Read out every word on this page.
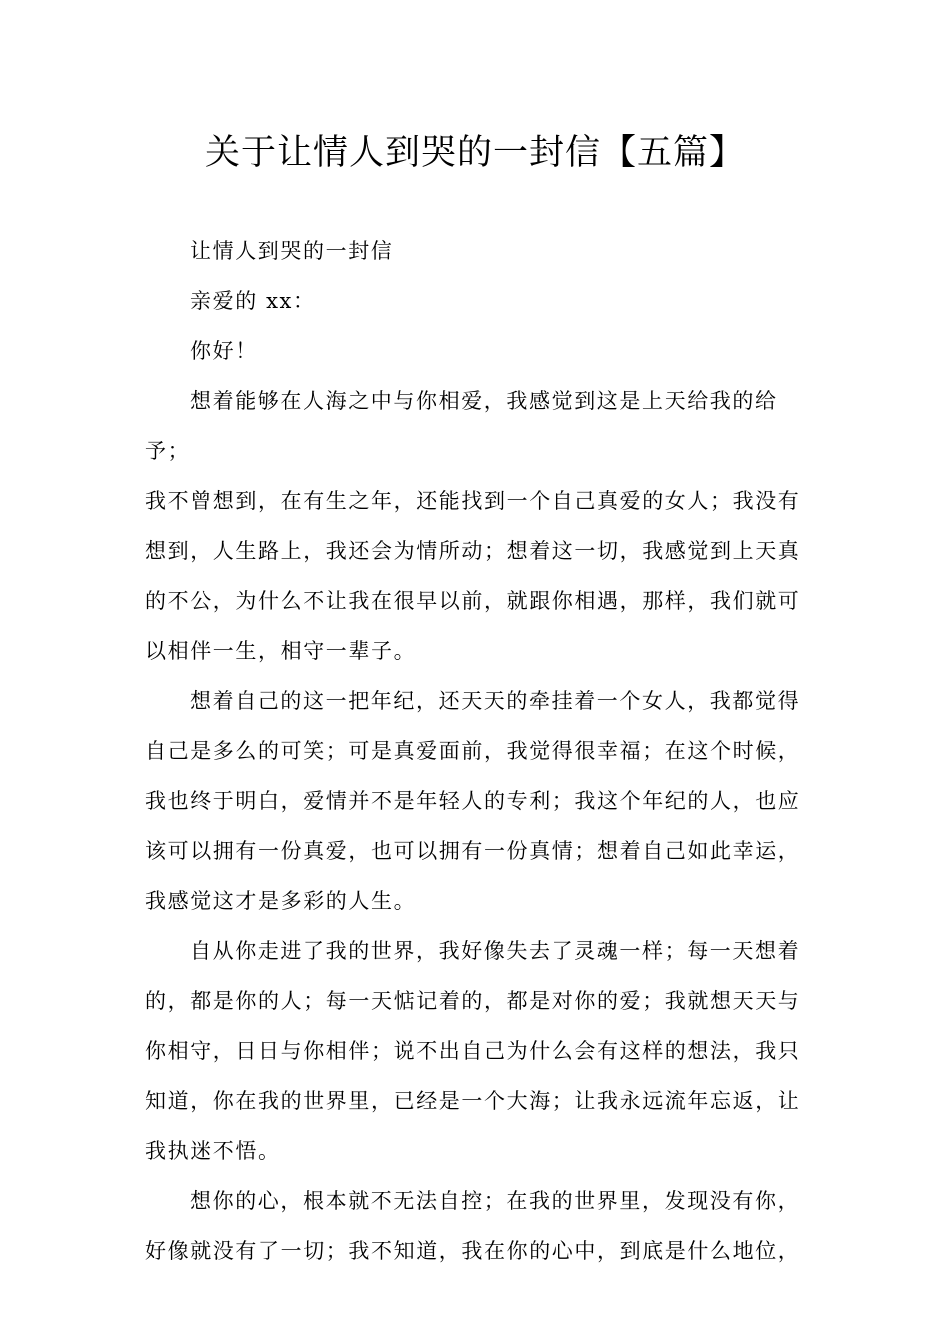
关于让情人到哭的一封信【五篇】

让情人到哭的一封信

亲爱的 xx：

你好！

想着能够在人海之中与你相爱，我感觉到这是上天给我的给予；
我不曾想到，在有生之年，还能找到一个自己真爱的女人；我没有
想到，人生路上，我还会为情所动；想着这一切，我感觉到上天真
的不公，为什么不让我在很早以前，就跟你相遇，那样，我们就可
以相伴一生，相守一辈子。

想着自己的这一把年纪，还天天的牵挂着一个女人，我都觉得
自己是多么的可笑；可是真爱面前，我觉得很幸福；在这个时候，
我也终于明白，爱情并不是年轻人的专利；我这个年纪的人，也应
该可以拥有一份真爱，也可以拥有一份真情；想着自己如此幸运，
我感觉这才是多彩的人生。

自从你走进了我的世界，我好像失去了灵魂一样；每一天想着
的，都是你的人；每一天惦记着的，都是对你的爱；我就想天天与
你相守，日日与你相伴；说不出自己为什么会有这样的想法，我只
知道，你在我的世界里，已经是一个大海；让我永远流年忘返，让
我执迷不悟。

想你的心，根本就不无法自控；在我的世界里，发现没有你，
好像就没有了一切；我不知道，我在你的心中，到底是什么地位，
